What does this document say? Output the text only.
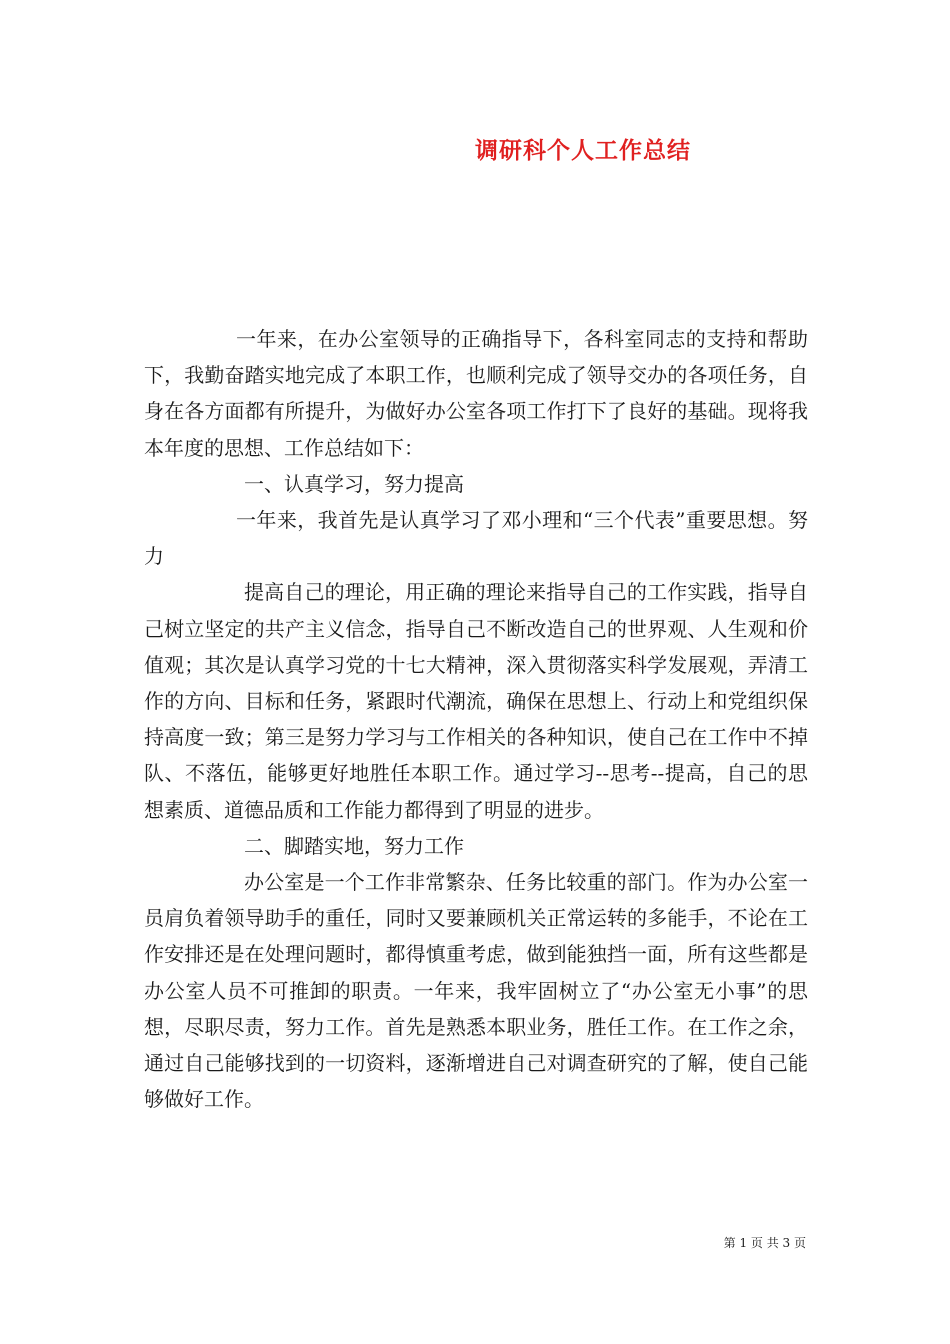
调研科个人工作总结

一年来，在办公室领导的正确指导下，各科室同志的支持和帮助下，我勤奋踏实地完成了本职工作，也顺利完成了领导交办的各项任务，自身在各方面都有所提升，为做好办公室各项工作打下了良好的基础。现将我本年度的思想、工作总结如下：

一、认真学习，努力提高

一年来，我首先是认真学习了邓小理和“三个代表”重要思想。努力

提高自己的理论，用正确的理论来指导自己的工作实践，指导自己树立坚定的共产主义信念，指导自己不断改造自己的世界观、人生观和价值观；其次是认真学习党的十七大精神，深入贯彻落实科学发展观，弄清工作的方向、目标和任务，紧跟时代潮流，确保在思想上、行动上和党组织保持高度一致；第三是努力学习与工作相关的各种知识，使自己在工作中不掉队、不落伍，能够更好地胜任本职工作。通过学习--思考--提高，自己的思想素质、道德品质和工作能力都得到了明显的进步。

二、脚踏实地，努力工作

办公室是一个工作非常繁杂、任务比较重的部门。作为办公室一员肩负着领导助手的重任，同时又要兼顾机关正常运转的多能手，不论在工作安排还是在处理问题时，都得慎重考虑，做到能独挡一面，所有这些都是办公室人员不可推卸的职责。一年来，我牢固树立了“办公室无小事”的思想，尽职尽责，努力工作。首先是熟悉本职业务，胜任工作。在工作之余，通过自己能够找到的一切资料，逐渐增进自己对调查研究的了解，使自己能够做好工作。

第 1 页 共 3 页
